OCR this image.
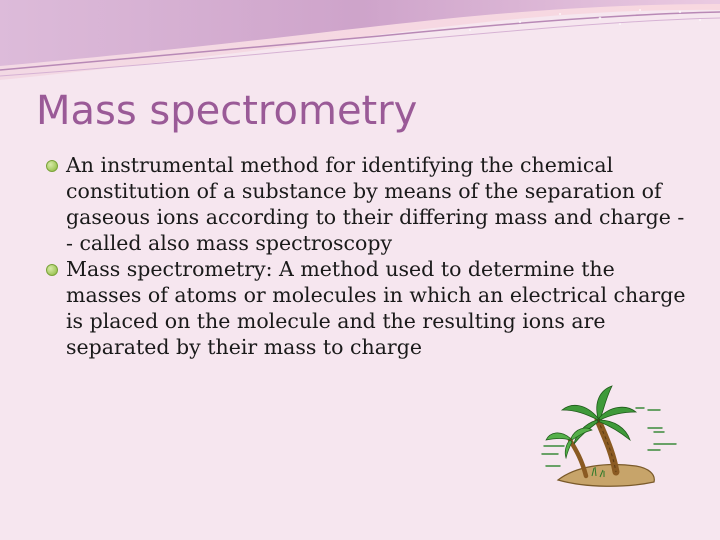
Mass spectrometry
An instrumental method for identifying the chemical constitution of a substance by means of the separation of gaseous ions according to their differing mass and charge -- called also mass spectroscopy
Mass spectrometry: A method used to determine the masses of atoms or molecules in which an electrical charge is placed on the molecule and the resulting ions are separated by their mass to charge
